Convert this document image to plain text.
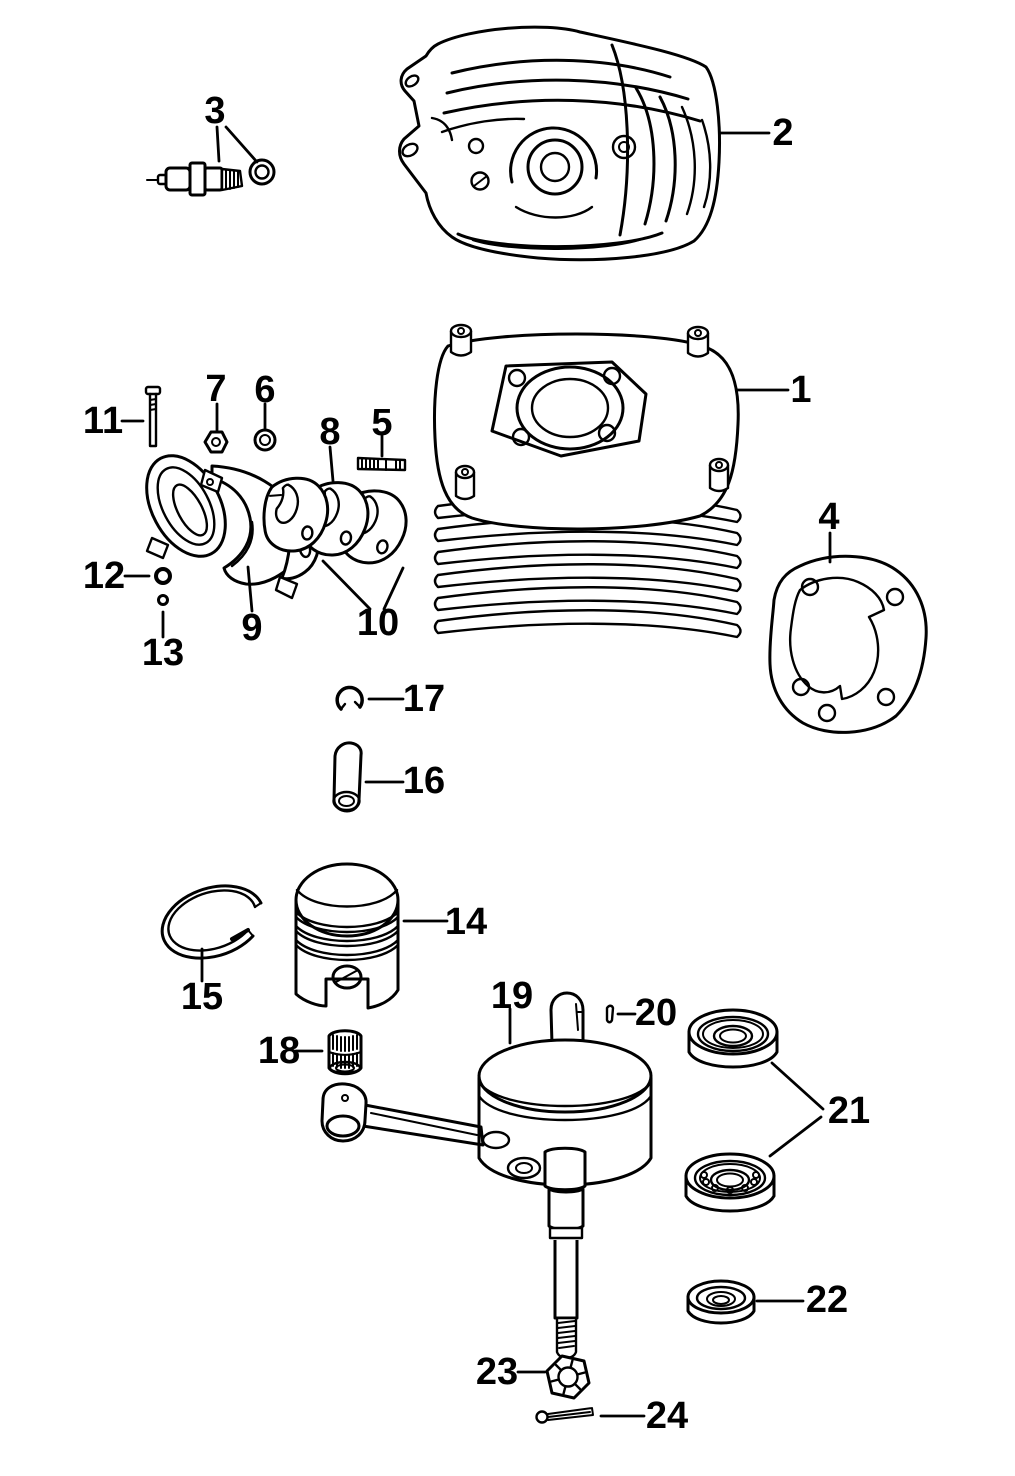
1
2
3
4
5
6
7
8
9 10
11
12
13
14
15
16
17
18
19	20
21
22
23
24
